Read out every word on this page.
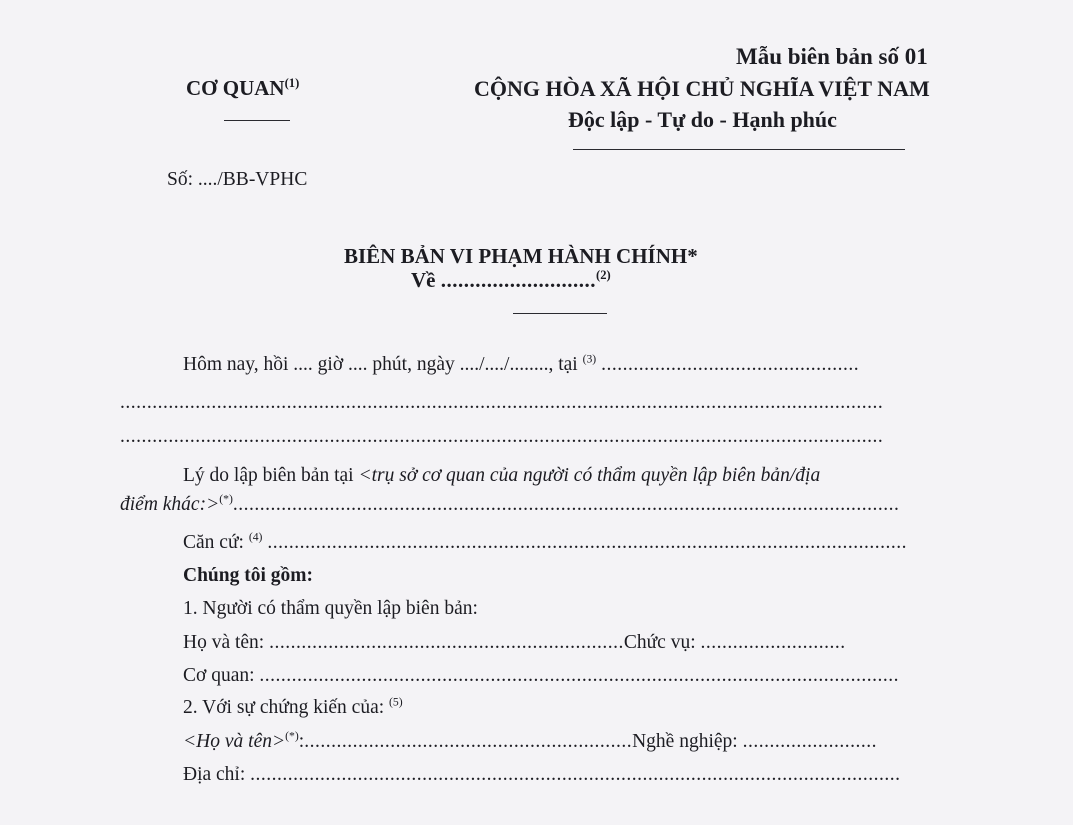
Mẫu biên bản số 01
CƠ QUAN$^{(1)}$	CỘNG HÒA XÃ HỘI CHỦ NGHĨA VIỆT NAM
Độc lập - Tự do - Hạnh phúc
Số: ..../BB-VPHC
BIÊN BẢN VI PHẠM HÀNH CHÍNH*
Về ...........................$^{(2)}$
Hôm nay, hồi .... giờ .... phút, ngày ..../..../........, tại $^{(3)}$ ................................................
..............................................................................................................................................
..............................................................................................................................................
Lý do lập biên bản tại <trụ sở cơ quan của người có thẩm quyền lập biên bản/địa
điểm khác:>(*)............................................................................................................................
Căn cứ: $^{(4)}$ .......................................................................................................................
Chúng tôi gồm:
1. Người có thẩm quyền lập biên bản:
Họ và tên: ..................................................................Chức vụ: ...........................
Cơ quan: .......................................................................................................................
2. Với sự chứng kiến của: $^{(5)}$
<Họ và tên>(*):.............................................................Nghề nghiệp: .........................
Địa chỉ: .........................................................................................................................
